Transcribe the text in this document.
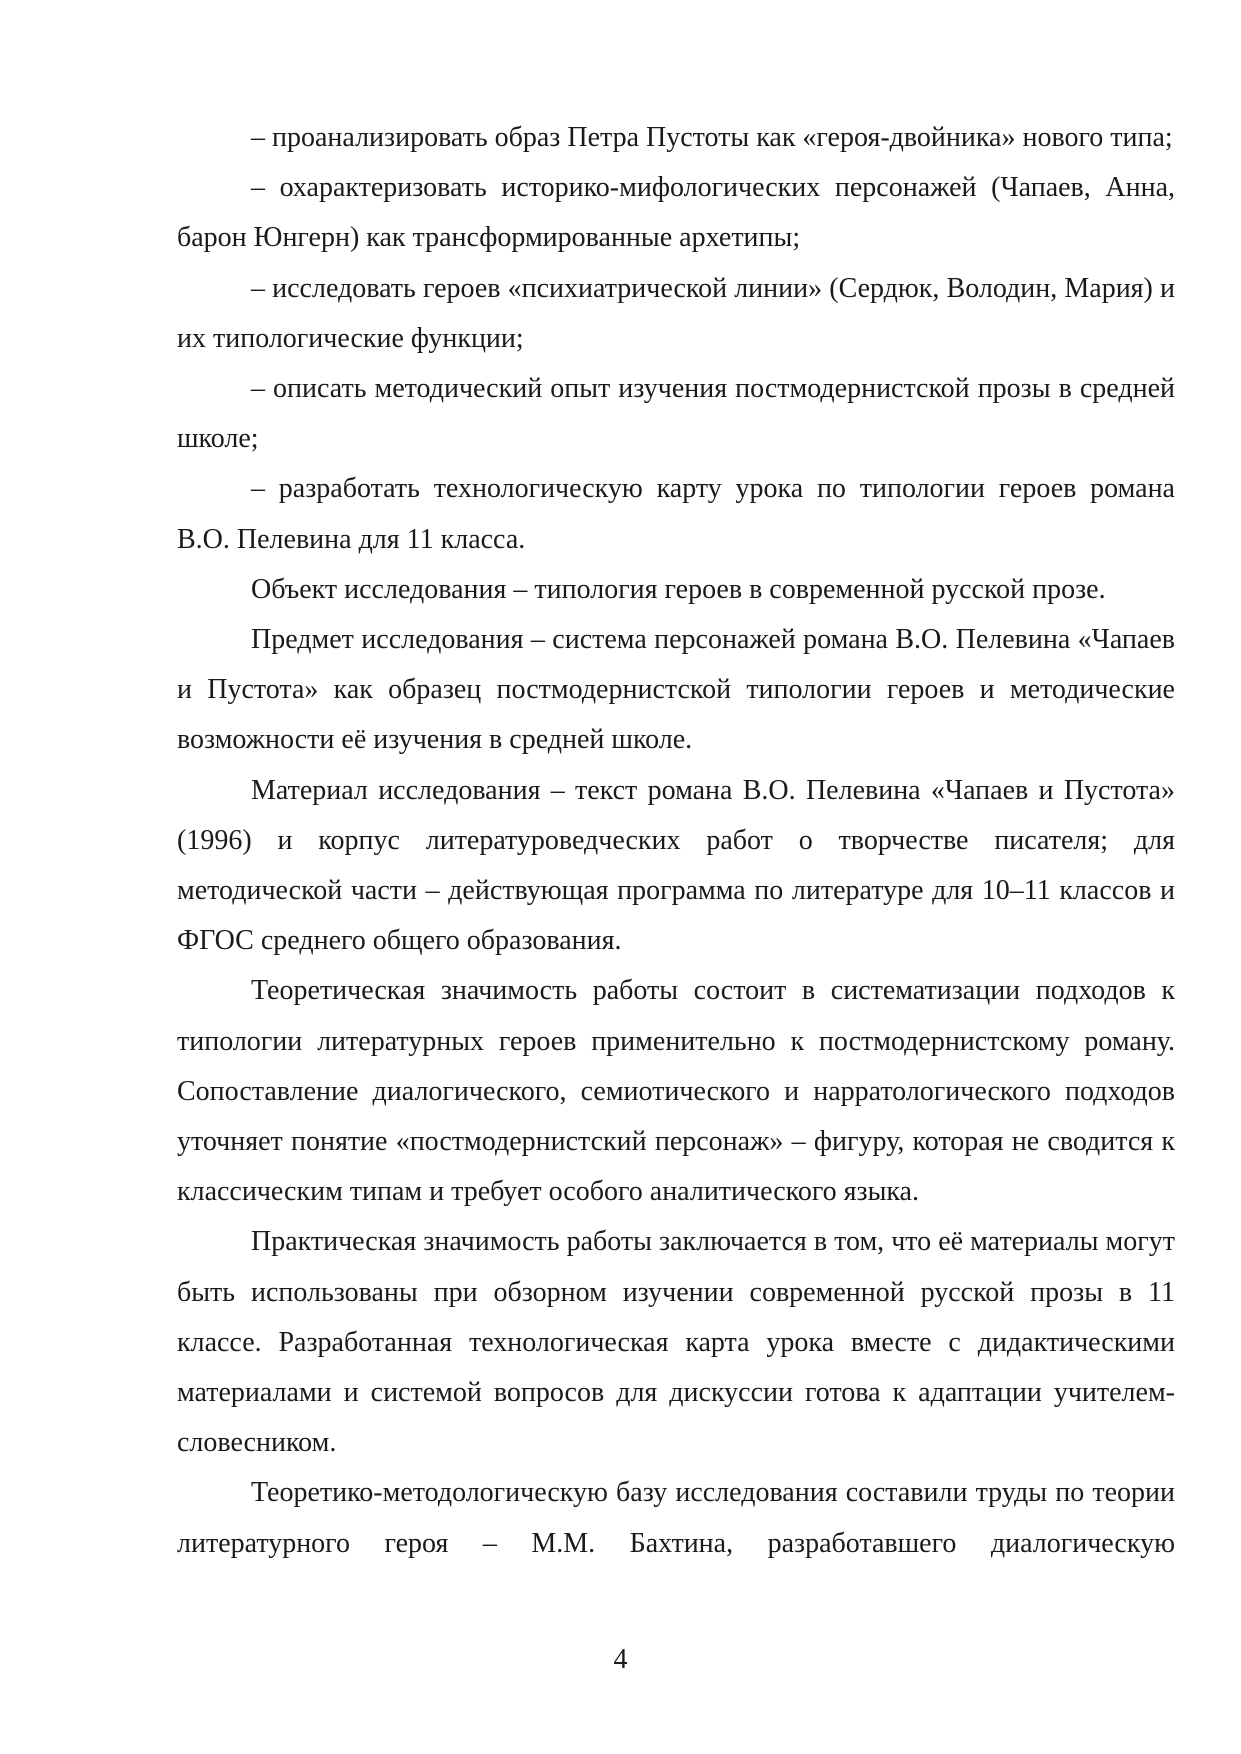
– проанализировать образ Петра Пустоты как «героя-двойника» нового типа;

– охарактеризовать историко-мифологических персонажей (Чапаев, Анна, барон Юнгерн) как трансформированные архетипы;

– исследовать героев «психиатрической линии» (Сердюк, Володин, Мария) и их типологические функции;

– описать методический опыт изучения постмодернистской прозы в средней школе;

– разработать технологическую карту урока по типологии героев романа В.О. Пелевина для 11 класса.

Объект исследования – типология героев в современной русской прозе.

Предмет исследования – система персонажей романа В.О. Пелевина «Чапаев и Пустота» как образец постмодернистской типологии героев и методические возможности её изучения в средней школе.

Материал исследования – текст романа В.О. Пелевина «Чапаев и Пустота» (1996) и корпус литературоведческих работ о творчестве писателя; для методической части – действующая программа по литературе для 10–11 классов и ФГОС среднего общего образования.

Теоретическая значимость работы состоит в систематизации подходов к типологии литературных героев применительно к постмодернистскому роману. Сопоставление диалогического, семиотического и нарратологического подходов уточняет понятие «постмодернистский персонаж» – фигуру, которая не сводится к классическим типам и требует особого аналитического языка.

Практическая значимость работы заключается в том, что её материалы могут быть использованы при обзорном изучении современной русской прозы в 11 классе. Разработанная технологическая карта урока вместе с дидактическими материалами и системой вопросов для дискуссии готова к адаптации учителем-словесником.

Теоретико-методологическую базу исследования составили труды по теории литературного героя – М.М. Бахтина, разработавшего диалогическую

4
